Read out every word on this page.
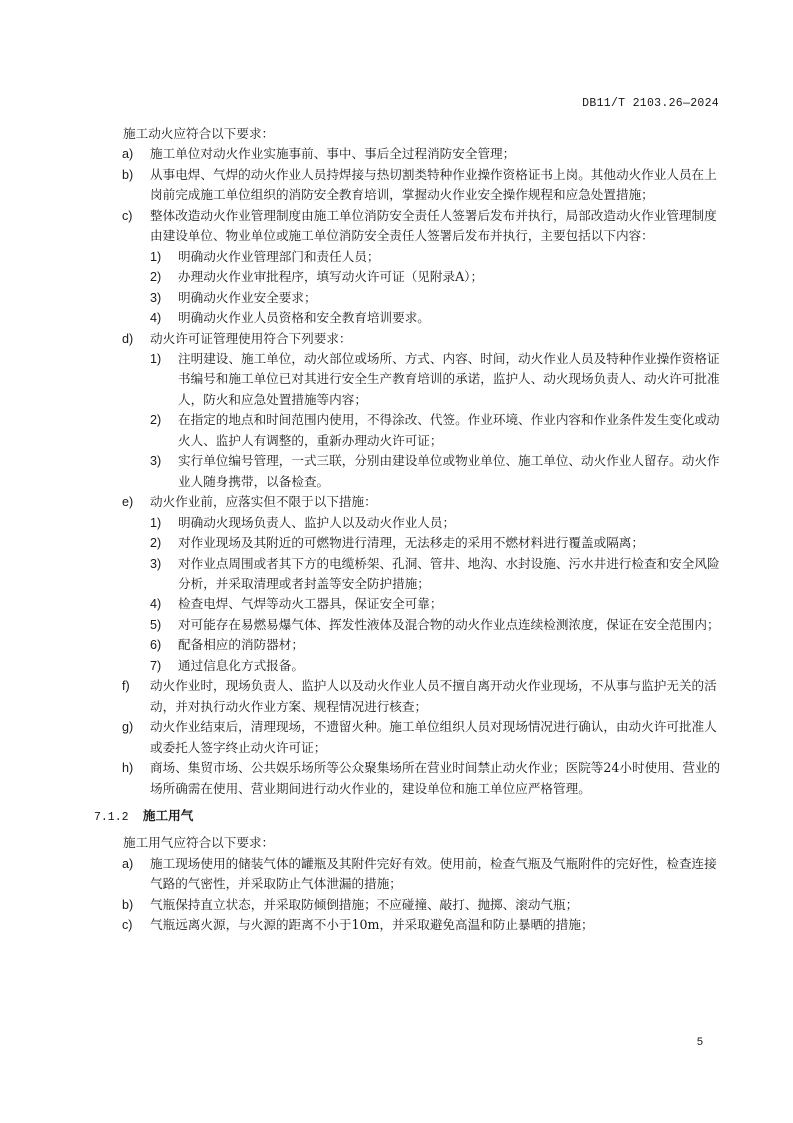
DB11/T 2103.26—2024
施工动火应符合以下要求：
a) 施工单位对动火作业实施事前、事中、事后全过程消防安全管理；
b) 从事电焊、气焊的动火作业人员持焊接与热切割类特种作业操作资格证书上岗。其他动火作业人员在上岗前完成施工单位组织的消防安全教育培训，掌握动火作业安全操作规程和应急处置措施；
c) 整体改造动火作业管理制度由施工单位消防安全责任人签署后发布并执行，局部改造动火作业管理制度由建设单位、物业单位或施工单位消防安全责任人签署后发布并执行，主要包括以下内容：
1) 明确动火作业管理部门和责任人员；
2) 办理动火作业审批程序，填写动火许可证（见附录A）；
3) 明确动火作业安全要求；
4) 明确动火作业人员资格和安全教育培训要求。
d) 动火许可证管理使用符合下列要求：
1) 注明建设、施工单位，动火部位或场所、方式、内容、时间，动火作业人员及特种作业操作资格证书编号和施工单位已对其进行安全生产教育培训的承诺，监护人、动火现场负责人、动火许可批准人，防火和应急处置措施等内容；
2) 在指定的地点和时间范围内使用，不得涂改、代签。作业环境、作业内容和作业条件发生变化或动火人、监护人有调整的，重新办理动火许可证；
3) 实行单位编号管理，一式三联，分别由建设单位或物业单位、施工单位、动火作业人留存。动火作业人随身携带，以备检查。
e) 动火作业前，应落实但不限于以下措施：
1) 明确动火现场负责人、监护人以及动火作业人员；
2) 对作业现场及其附近的可燃物进行清理，无法移走的采用不燃材料进行覆盖或隔离；
3) 对作业点周围或者其下方的电缆桥架、孔洞、管井、地沟、水封设施、污水井进行检查和安全风险分析，并采取清理或者封盖等安全防护措施；
4) 检查电焊、气焊等动火工器具，保证安全可靠；
5) 对可能存在易燃易爆气体、挥发性液体及混合物的动火作业点连续检测浓度，保证在安全范围内；
6) 配备相应的消防器材；
7) 通过信息化方式报备。
f) 动火作业时，现场负责人、监护人以及动火作业人员不擅自离开动火作业现场，不从事与监护无关的活动，并对执行动火作业方案、规程情况进行核查；
g) 动火作业结束后，清理现场，不遗留火种。施工单位组织人员对现场情况进行确认，由动火许可批准人或委托人签字终止动火许可证；
h) 商场、集贸市场、公共娱乐场所等公众聚集场所在营业时间禁止动火作业；医院等24小时使用、营业的场所确需在使用、营业期间进行动火作业的，建设单位和施工单位应严格管理。
7.1.2 施工用气
施工用气应符合以下要求：
a) 施工现场使用的储装气体的罐瓶及其附件完好有效。使用前，检查气瓶及气瓶附件的完好性，检查连接气路的气密性，并采取防止气体泄漏的措施；
b) 气瓶保持直立状态，并采取防倾倒措施；不应碰撞、敲打、抛掷、滚动气瓶；
c) 气瓶远离火源，与火源的距离不小于10m，并采取避免高温和防止暴晒的措施；
5
